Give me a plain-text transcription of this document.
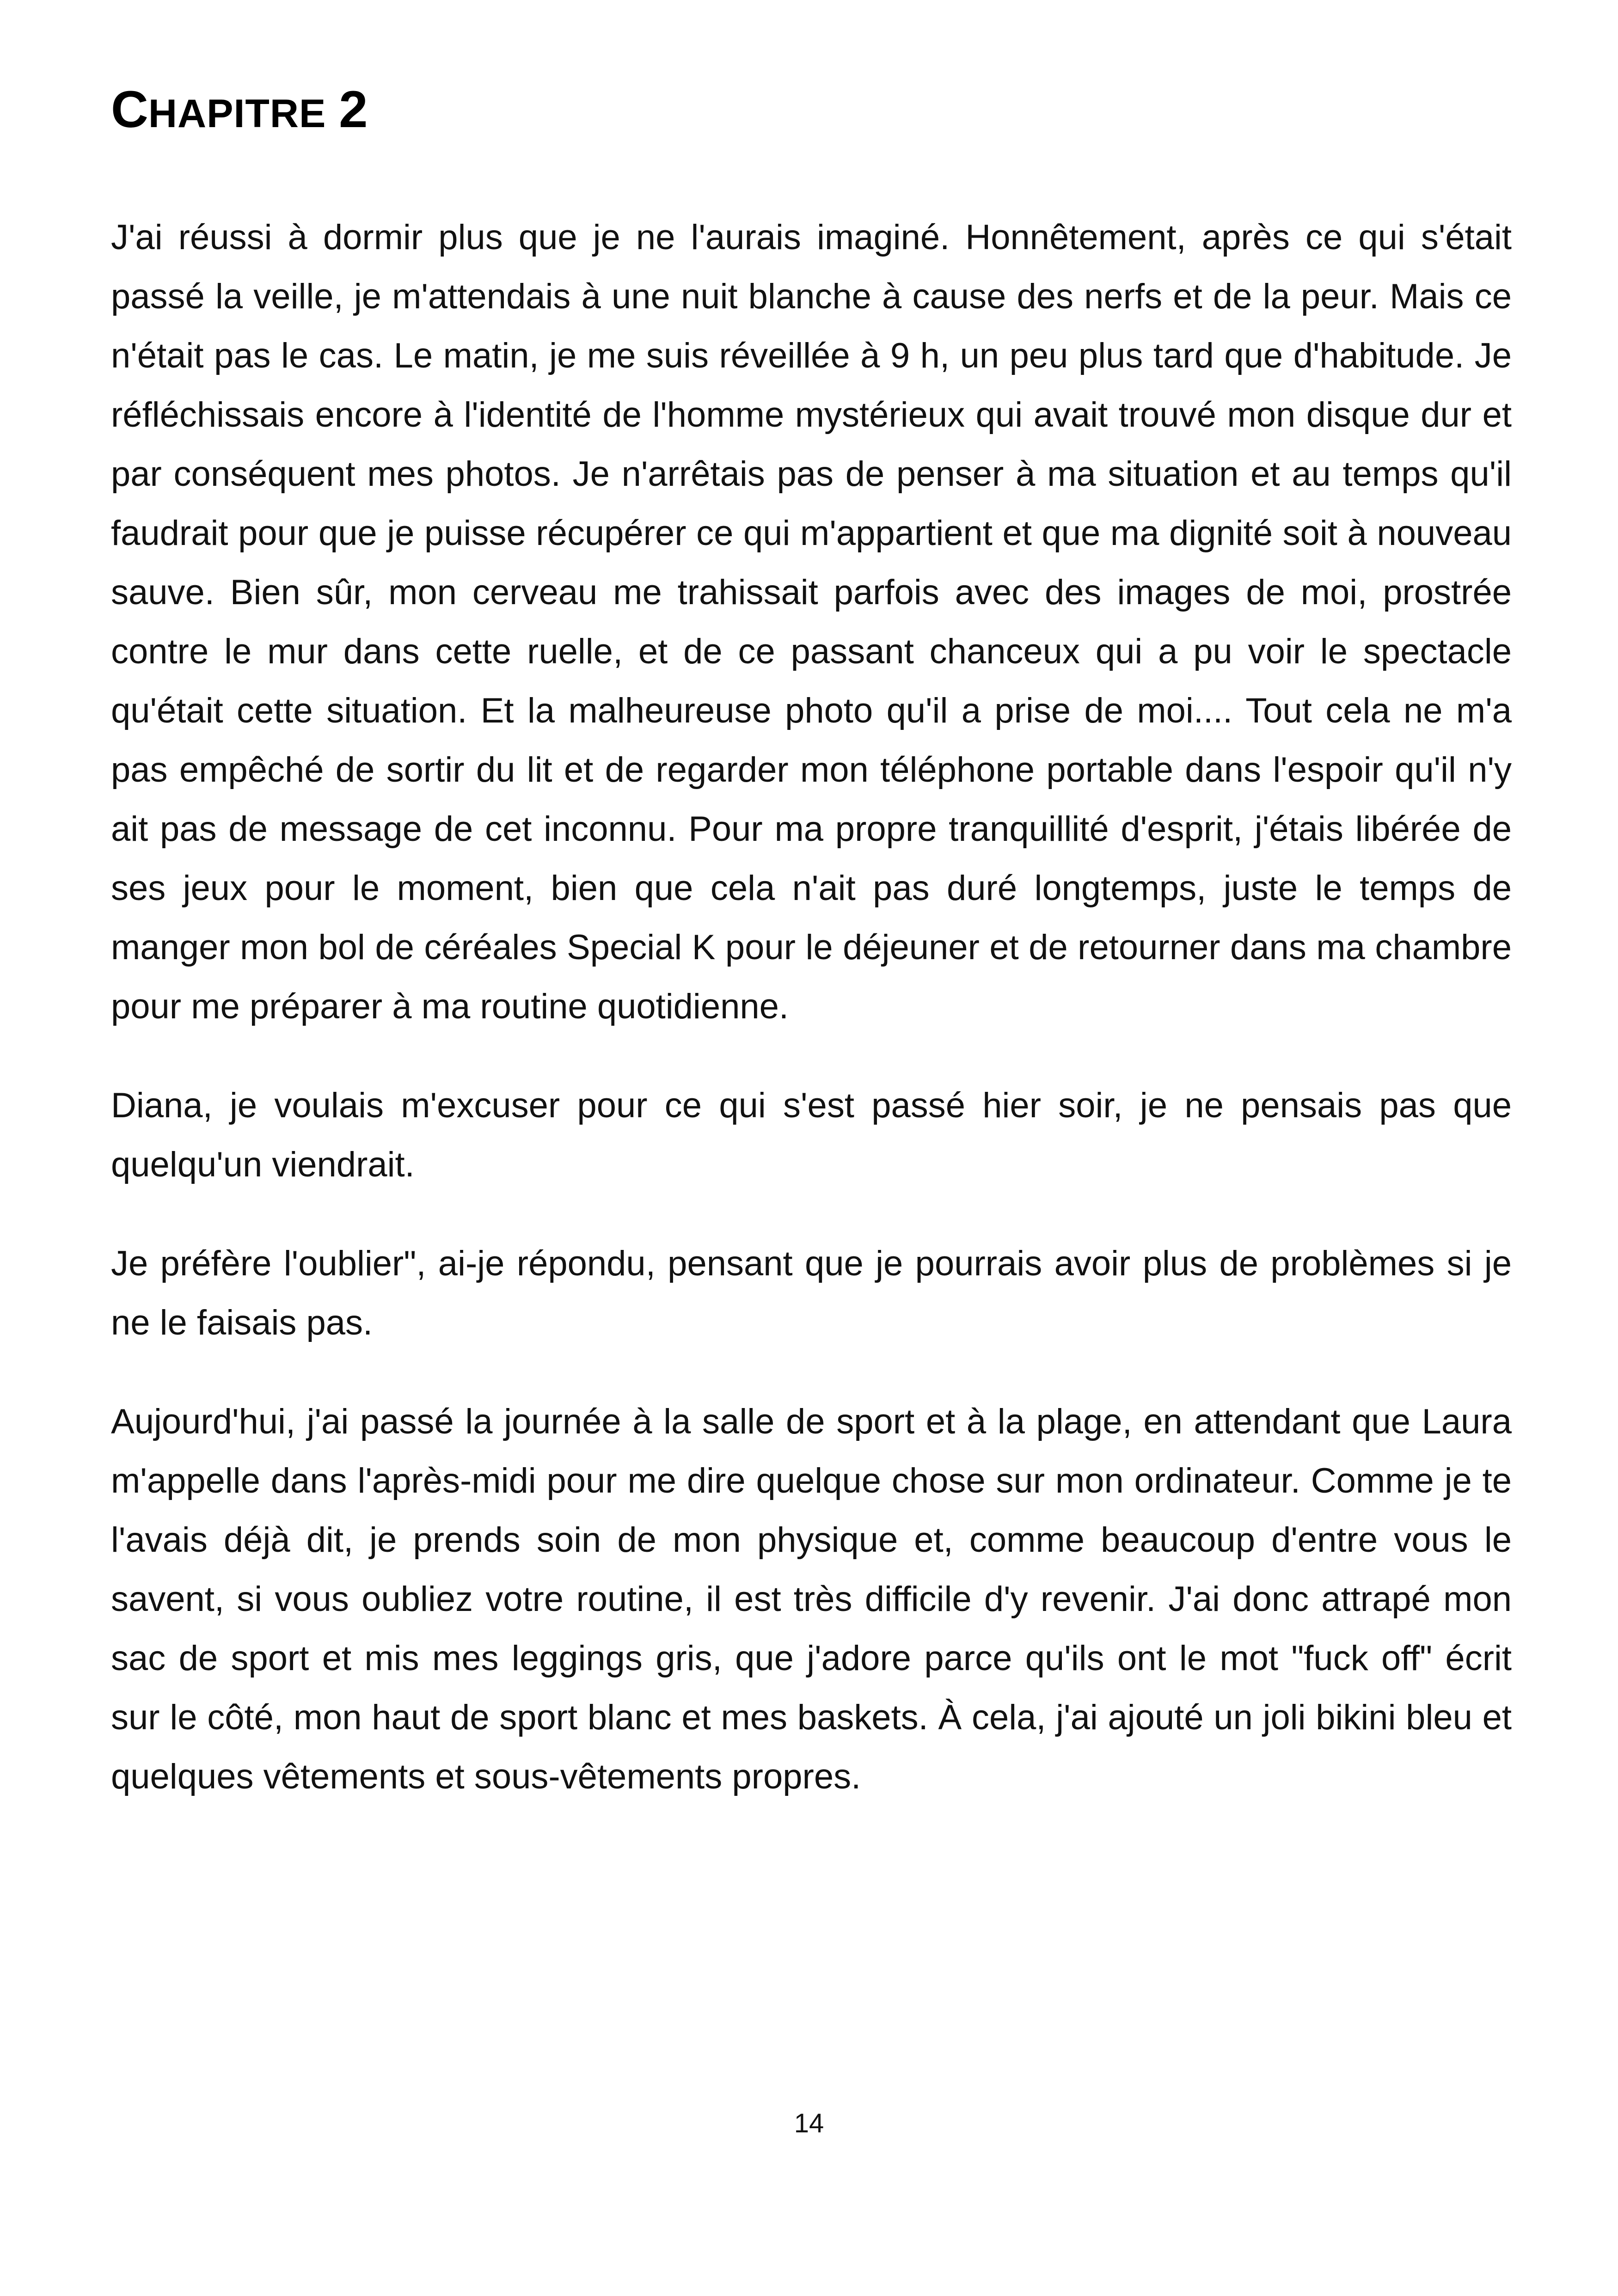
CHAPITRE 2

J'ai réussi à dormir plus que je ne l'aurais imaginé. Honnêtement, après ce qui s'était passé la veille, je m'attendais à une nuit blanche à cause des nerfs et de la peur. Mais ce n'était pas le cas. Le matin, je me suis réveillée à 9 h, un peu plus tard que d'habitude. Je réfléchissais encore à l'identité de l'homme mystérieux qui avait trouvé mon disque dur et par conséquent mes photos. Je n'arrêtais pas de penser à ma situation et au temps qu'il faudrait pour que je puisse récupérer ce qui m'appartient et que ma dignité soit à nouveau sauve. Bien sûr, mon cerveau me trahissait parfois avec des images de moi, prostrée contre le mur dans cette ruelle, et de ce passant chanceux qui a pu voir le spectacle qu'était cette situation. Et la malheureuse photo qu'il a prise de moi.... Tout cela ne m'a pas empêché de sortir du lit et de regarder mon téléphone portable dans l'espoir qu'il n'y ait pas de message de cet inconnu. Pour ma propre tranquillité d'esprit, j'étais libérée de ses jeux pour le moment, bien que cela n'ait pas duré longtemps, juste le temps de manger mon bol de céréales Special K pour le déjeuner et de retourner dans ma chambre pour me préparer à ma routine quotidienne.

Diana, je voulais m'excuser pour ce qui s'est passé hier soir, je ne pensais pas que quelqu'un viendrait.

Je préfère l'oublier", ai-je répondu, pensant que je pourrais avoir plus de problèmes si je ne le faisais pas.

Aujourd'hui, j'ai passé la journée à la salle de sport et à la plage, en attendant que Laura m'appelle dans l'après-midi pour me dire quelque chose sur mon ordinateur. Comme je te l'avais déjà dit, je prends soin de mon physique et, comme beaucoup d'entre vous le savent, si vous oubliez votre routine, il est très difficile d'y revenir. J'ai donc attrapé mon sac de sport et mis mes leggings gris, que j'adore parce qu'ils ont le mot "fuck off" écrit sur le côté, mon haut de sport blanc et mes baskets. À cela, j'ai ajouté un joli bikini bleu et quelques vêtements et sous-vêtements propres.

14
